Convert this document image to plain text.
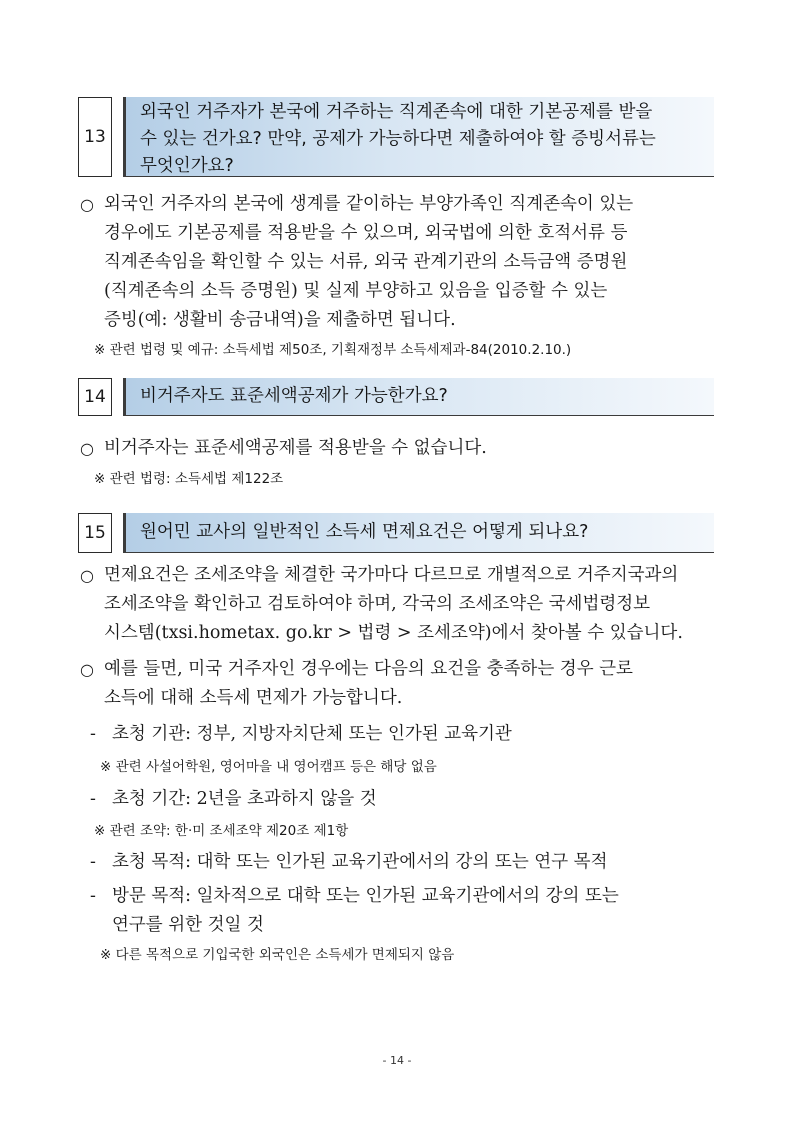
13
외국인 거주자가 본국에 거주하는 직계존속에 대한 기본공제를 받을
수 있는 건가요? 만약, 공제가 가능하다면 제출하여야 할 증빙서류는
무엇인가요?
○ 외국인 거주자의 본국에 생계를 같이하는 부양가족인 직계존속이 있는
경우에도 기본공제를 적용받을 수 있으며, 외국법에 의한 호적서류 등
직계존속임을 확인할 수 있는 서류, 외국 관계기관의 소득금액 증명원
(직계존속의 소득 증명원) 및 실제 부양하고 있음을 입증할 수 있는
증빙(예: 생활비 송금내역)을 제출하면 됩니다.
※ 관련 법령 및 예규: 소득세법 제50조, 기획재정부 소득세제과-84(2010.2.10.)
14	비거주자도 표준세액공제가 가능한가요?
○ 비거주자는 표준세액공제를 적용받을 수 없습니다.
※ 관련 법령: 소득세법 제122조
15	원어민 교사의 일반적인 소득세 면제요건은 어떻게 되나요?
○ 면제요건은 조세조약을 체결한 국가마다 다르므로 개별적으로 거주지국과의
조세조약을 확인하고 검토하여야 하며, 각국의 조세조약은 국세법령정보
시스템(txsi.hometax. go.kr > 법령 > 조세조약)에서 찾아볼 수 있습니다.
○ 예를 들면, 미국 거주자인 경우에는 다음의 요건을 충족하는 경우 근로
소득에 대해 소득세 면제가 가능합니다.
- 초청 기관: 정부, 지방자치단체 또는 인가된 교육기관
※ 관련 사설어학원, 영어마을 내 영어캠프 등은 해당 없음
- 초청 기간: 2년을 초과하지 않을 것
※ 관련 조약: 한·미 조세조약 제20조 제1항
- 초청 목적: 대학 또는 인가된 교육기관에서의 강의 또는 연구 목적
- 방문 목적: 일차적으로 대학 또는 인가된 교육기관에서의 강의 또는
연구를 위한 것일 것
※ 다른 목적으로 기입국한 외국인은 소득세가 면제되지 않음
- 14 -
